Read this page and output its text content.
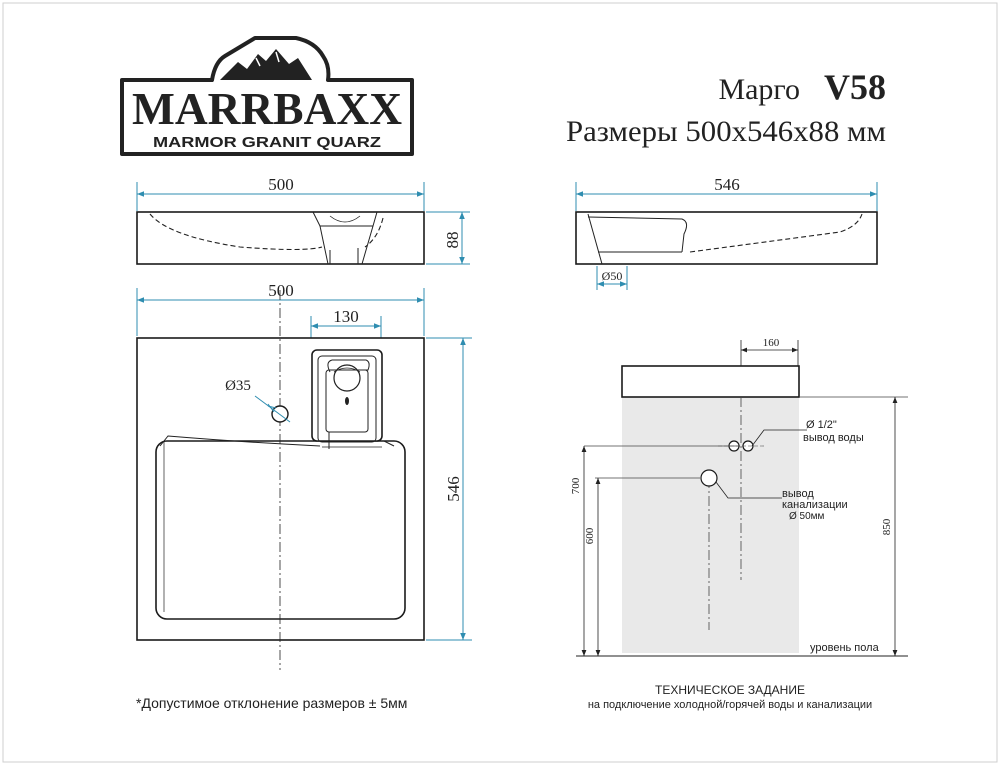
MARRBAXX
MARMOR GRANIT QUARZ
Марго V58
Размеры 500х546х88 мм
500
88
546
Ø50
500
130
Ø35
546
160
Ø 1/2"
вывод воды
вывод
канализации
Ø 50мм
700
600
850
уровень пола
*Допустимое отклонение размеров ± 5мм
ТЕХНИЧЕСКОЕ ЗАДАНИЕ
на подключение холодной/горячей воды и канализации
